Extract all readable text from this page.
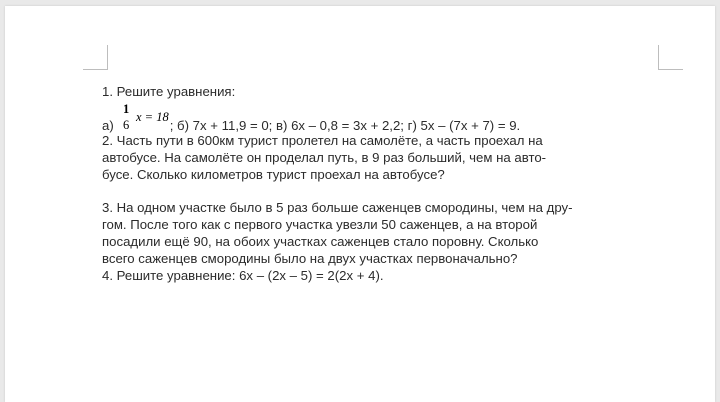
1. Решите уравнения:
1
6
x = 18
а)	; б) 7x + 11,9 = 0; в) 6x – 0,8 = 3x + 2,2; г) 5x – (7x + 7) = 9.
2. Часть пути в 600км турист пролетел на самолёте, а часть проехал на
автобусе. На самолёте он проделал путь, в 9 раз больший, чем на авто-
бусе. Сколько километров турист проехал на автобусе?
3. На одном участке было в 5 раз больше саженцев смородины, чем на дру-
гом. После того как с первого участка увезли 50 саженцев, а на второй
посадили ещё 90, на обоих участках саженцев стало поровну. Сколько
всего саженцев смородины было на двух участках первоначально?
4. Решите уравнение: 6x – (2x – 5) = 2(2x + 4).
